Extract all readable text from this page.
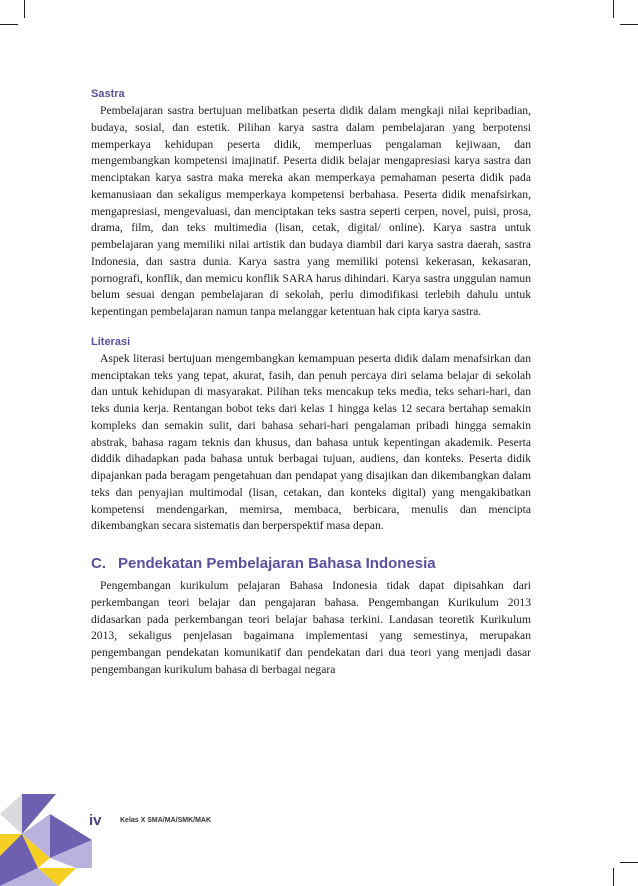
Sastra

Pembelajaran sastra bertujuan melibatkan peserta didik dalam mengkaji nilai kepribadian, budaya, sosial, dan estetik. Pilihan karya sastra dalam pembelajaran yang berpotensi memperkaya kehidupan peserta didik, memperluas pengalaman kejiwaan, dan mengembangkan kompetensi imajinatif. Peserta didik belajar mengapresiasi karya sastra dan menciptakan karya sastra maka mereka akan memperkaya pemahaman peserta didik pada kemanusiaan dan sekaligus memperkaya kompetensi berbahasa. Peserta didik menafsirkan, mengapresiasi, mengevaluasi, dan menciptakan teks sastra seperti cerpen, novel, puisi, prosa, drama, film, dan teks multimedia (lisan, cetak, digital/ online). Karya sastra untuk pembelajaran yang memiliki nilai artistik dan budaya diambil dari karya sastra daerah, sastra Indonesia, dan sastra dunia. Karya sastra yang memiliki potensi kekerasan, kekasaran, pornografi, konflik, dan memicu konflik SARA harus dihindari. Karya sastra unggulan namun belum sesuai dengan pembelajaran di sekolah, perlu dimodifikasi terlebih dahulu untuk kepentingan pembelajaran namun tanpa melanggar ketentuan hak cipta karya sastra.

Literasi

Aspek literasi bertujuan mengembangkan kemampuan peserta didik dalam menafsirkan dan menciptakan teks yang tepat, akurat, fasih, dan penuh percaya diri selama belajar di sekolah dan untuk kehidupan di masyarakat. Pilihan teks mencakup teks media, teks sehari-hari, dan teks dunia kerja. Rentangan bobot teks dari kelas 1 hingga kelas 12 secara bertahap semakin kompleks dan semakin sulit, dari bahasa sehari-hari pengalaman pribadi hingga semakin abstrak, bahasa ragam teknis dan khusus, dan bahasa untuk kepentingan akademik. Peserta diddik dihadapkan pada bahasa untuk berbagai tujuan, audiens, dan konteks. Peserta didik dipajankan pada beragam pengetahuan dan pendapat yang disajikan dan dikembangkan dalam teks dan penyajian multimodal (lisan, cetakan, dan konteks digital) yang mengakibatkan kompetensi mendengarkan, memirsa, membaca, berbicara, menulis dan mencipta dikembangkan secara sistematis dan berperspektif masa depan.

C. Pendekatan Pembelajaran Bahasa Indonesia

Pengembangan kurikulum pelajaran Bahasa Indonesia tidak dapat dipisahkan dari perkembangan teori belajar dan pengajaran bahasa. Pengembangan Kurikulum 2013 didasarkan pada perkembangan teori belajar bahasa terkini. Landasan teoretik Kurikulum 2013, sekaligus penjelasan bagaimana implementasi yang semestinya, merupakan pengembangan pendekatan komunikatif dan pendekatan dari dua teori yang menjadi dasar pengembangan kurikulum bahasa di berbagai negara

iv	Kelas X SMA/MA/SMK/MAK
